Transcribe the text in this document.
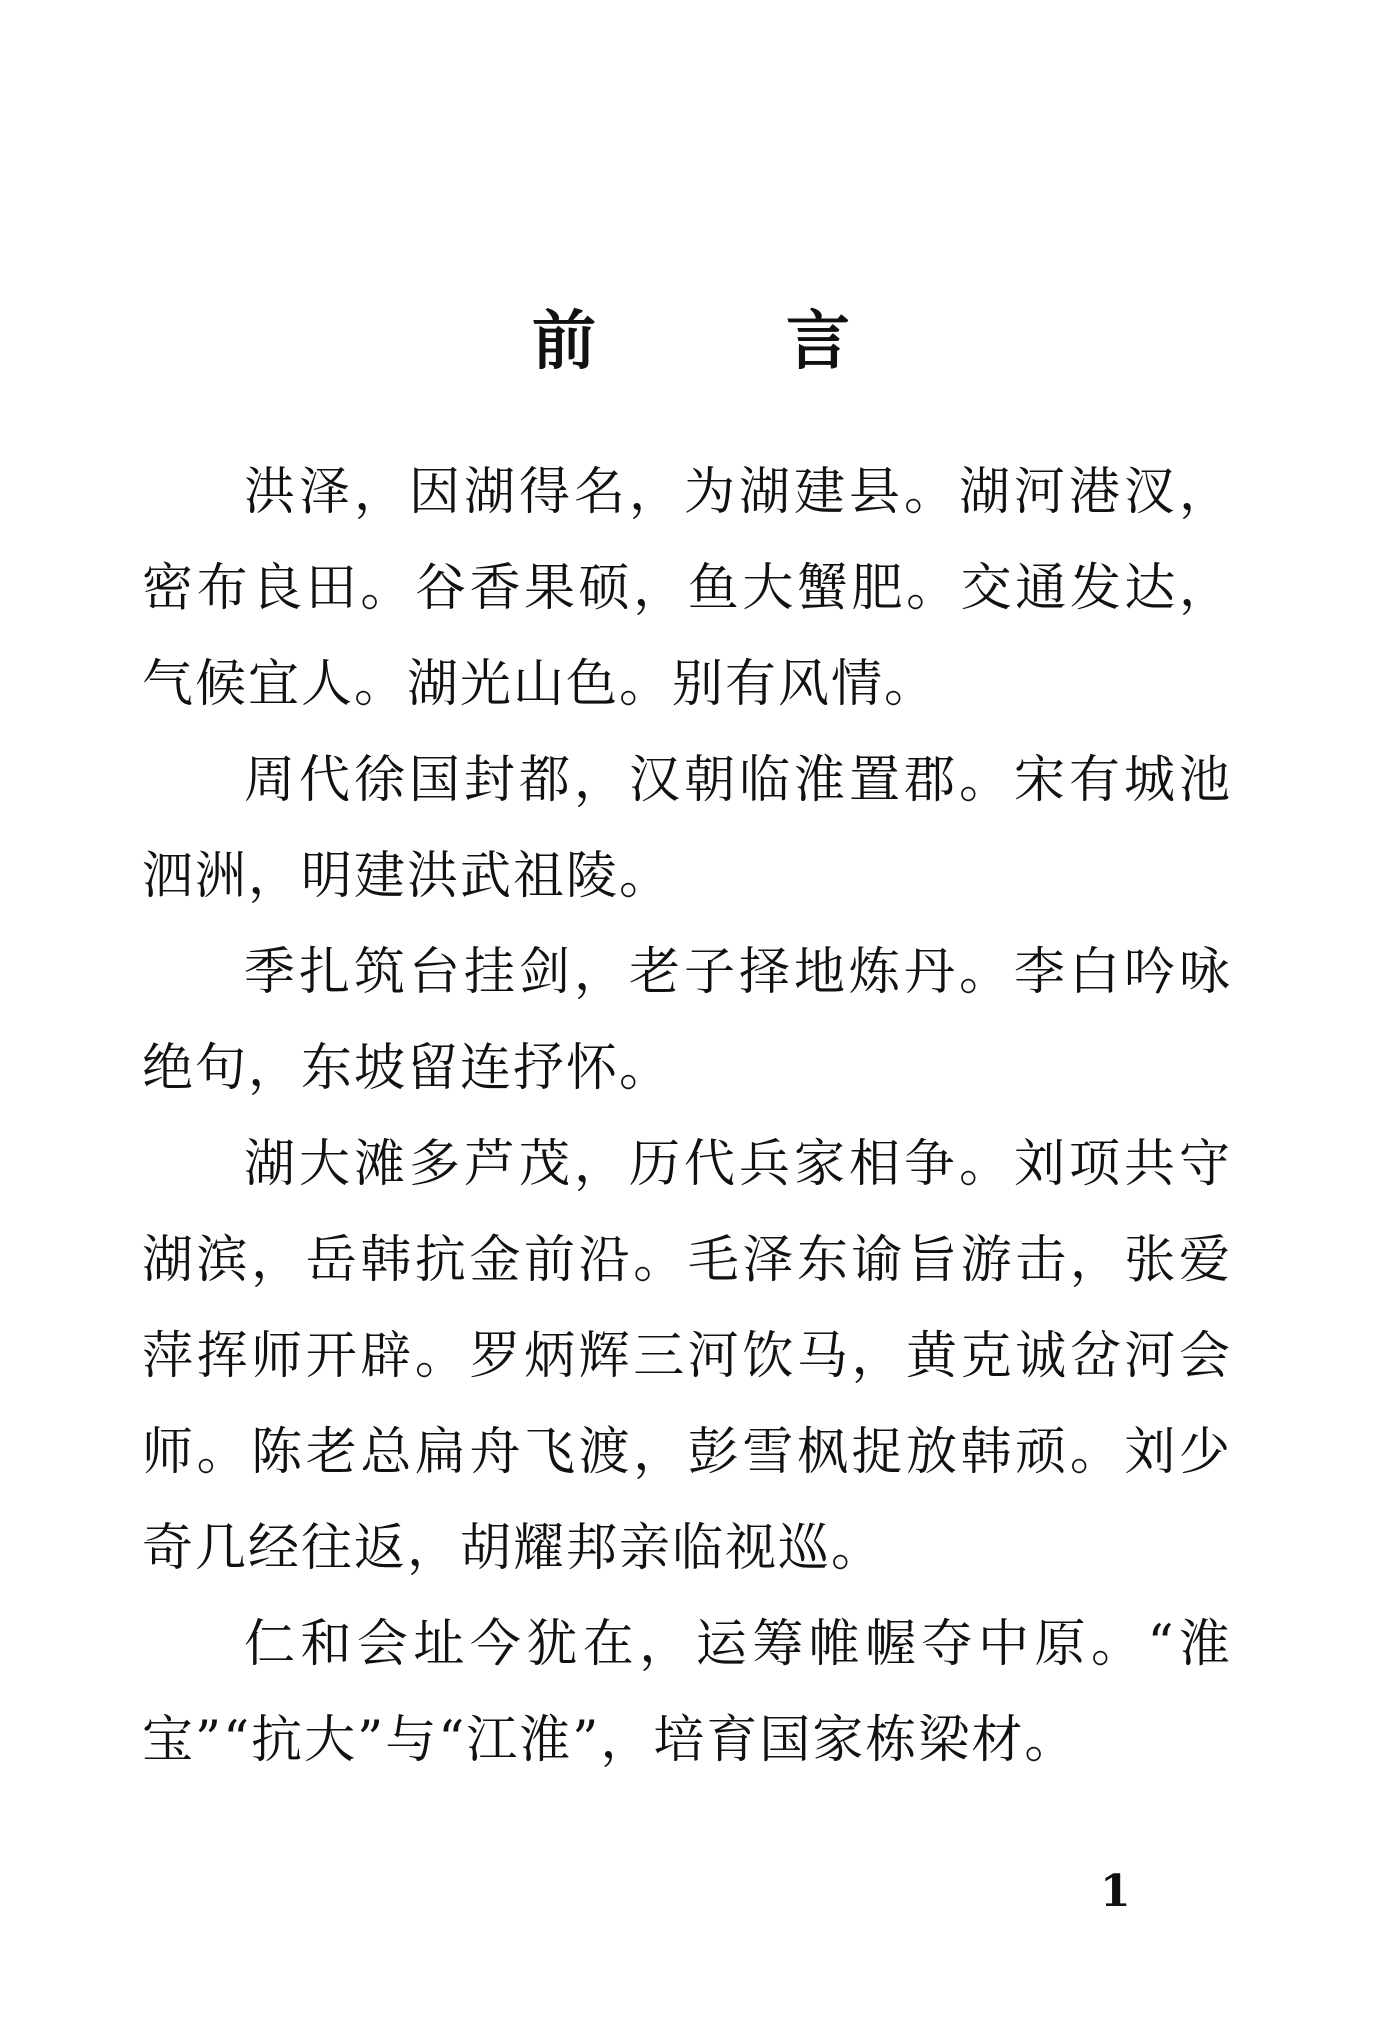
前	言

洪泽，因湖得名，为湖建县。湖河港汊，密布良田。谷香果硕，鱼大蟹肥。交通发达，气候宜人。湖光山色。别有风情。

周代徐国封都，汉朝临淮置郡。宋有城池泗洲，明建洪武祖陵。

季扎筑台挂剑，老子择地炼丹。李白吟咏绝句，东坡留连抒怀。

湖大滩多芦茂，历代兵家相争。刘项共守湖滨，岳韩抗金前沿。毛泽东谕旨游击，张爱萍挥师开辟。罗炳辉三河饮马，黄克诚岔河会师。陈老总扁舟飞渡，彭雪枫捉放韩顽。刘少奇几经往返，胡耀邦亲临视巡。

仁和会址今犹在，运筹帷幄夺中原。“淮宝”“抗大”与“江淮”，培育国家栋梁材。

1
